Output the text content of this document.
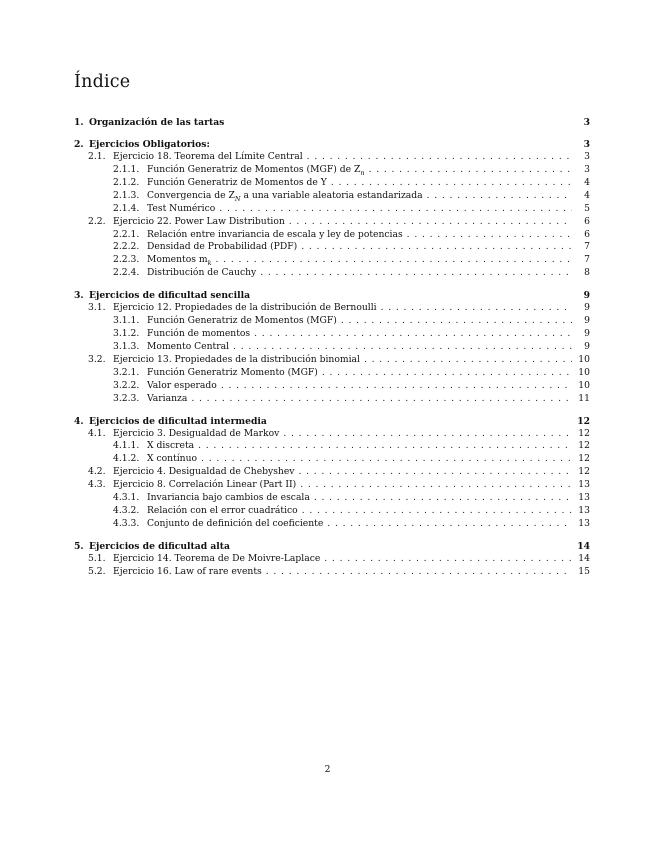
Índice
1. Organización de las tartas	3
2. Ejercicios Obligatorios:	3
2.1. Ejercicio 18. Teorema del Límite Central . . .	3
2.1.1. Función Generatriz de Momentos (MGF) de $Z_n$ . . .	3
2.1.2. Función Generatriz de Momentos de Y . . .	4
2.1.3. Convergencia de $Z_N$ a una variable aleatoria estandarizada . . .	4
2.1.4. Test Numérico . . .	5
2.2. Ejercicio 22. Power Law Distribution . . .	6
2.2.1. Relación entre invariancia de escala y ley de potencias . . .	6
2.2.2. Densidad de Probabilidad (PDF) . . .	7
2.2.3. Momentos $m_k$ . . .	7
2.2.4. Distribución de Cauchy . . .	8
3. Ejercicios de dificultad sencilla	9
3.1. Ejercicio 12. Propiedades de la distribución de Bernoulli . . .	9
3.1.1. Función Generatriz de Momentos (MGF) . . .	9
3.1.2. Función de momentos . . .	9
3.1.3. Momento Central . . .	9
3.2. Ejercicio 13. Propiedades de la distribución binomial . . .	10
3.2.1. Función Generatriz Momento (MGF) . . .	10
3.2.2. Valor esperado . . .	10
3.2.3. Varianza . . .	11
4. Ejercicios de dificultad intermedia	12
4.1. Ejercicio 3. Desigualdad de Markov . . .	12
4.1.1. X discreta . . .	12
4.1.2. X contínuo . . .	12
4.2. Ejercicio 4. Desigualdad de Chebyshev . . .	12
4.3. Ejercicio 8. Correlación Linear (Part II) . . .	13
4.3.1. Invariancia bajo cambios de escala . . .	13
4.3.2. Relación con el error cuadrático . . .	13
4.3.3. Conjunto de definición del coeficiente . . .	13
5. Ejercicios de dificultad alta	14
5.1. Ejercicio 14. Teorema de De Moivre-Laplace . . .	14
5.2. Ejercicio 16. Law of rare events . . .	15
2
